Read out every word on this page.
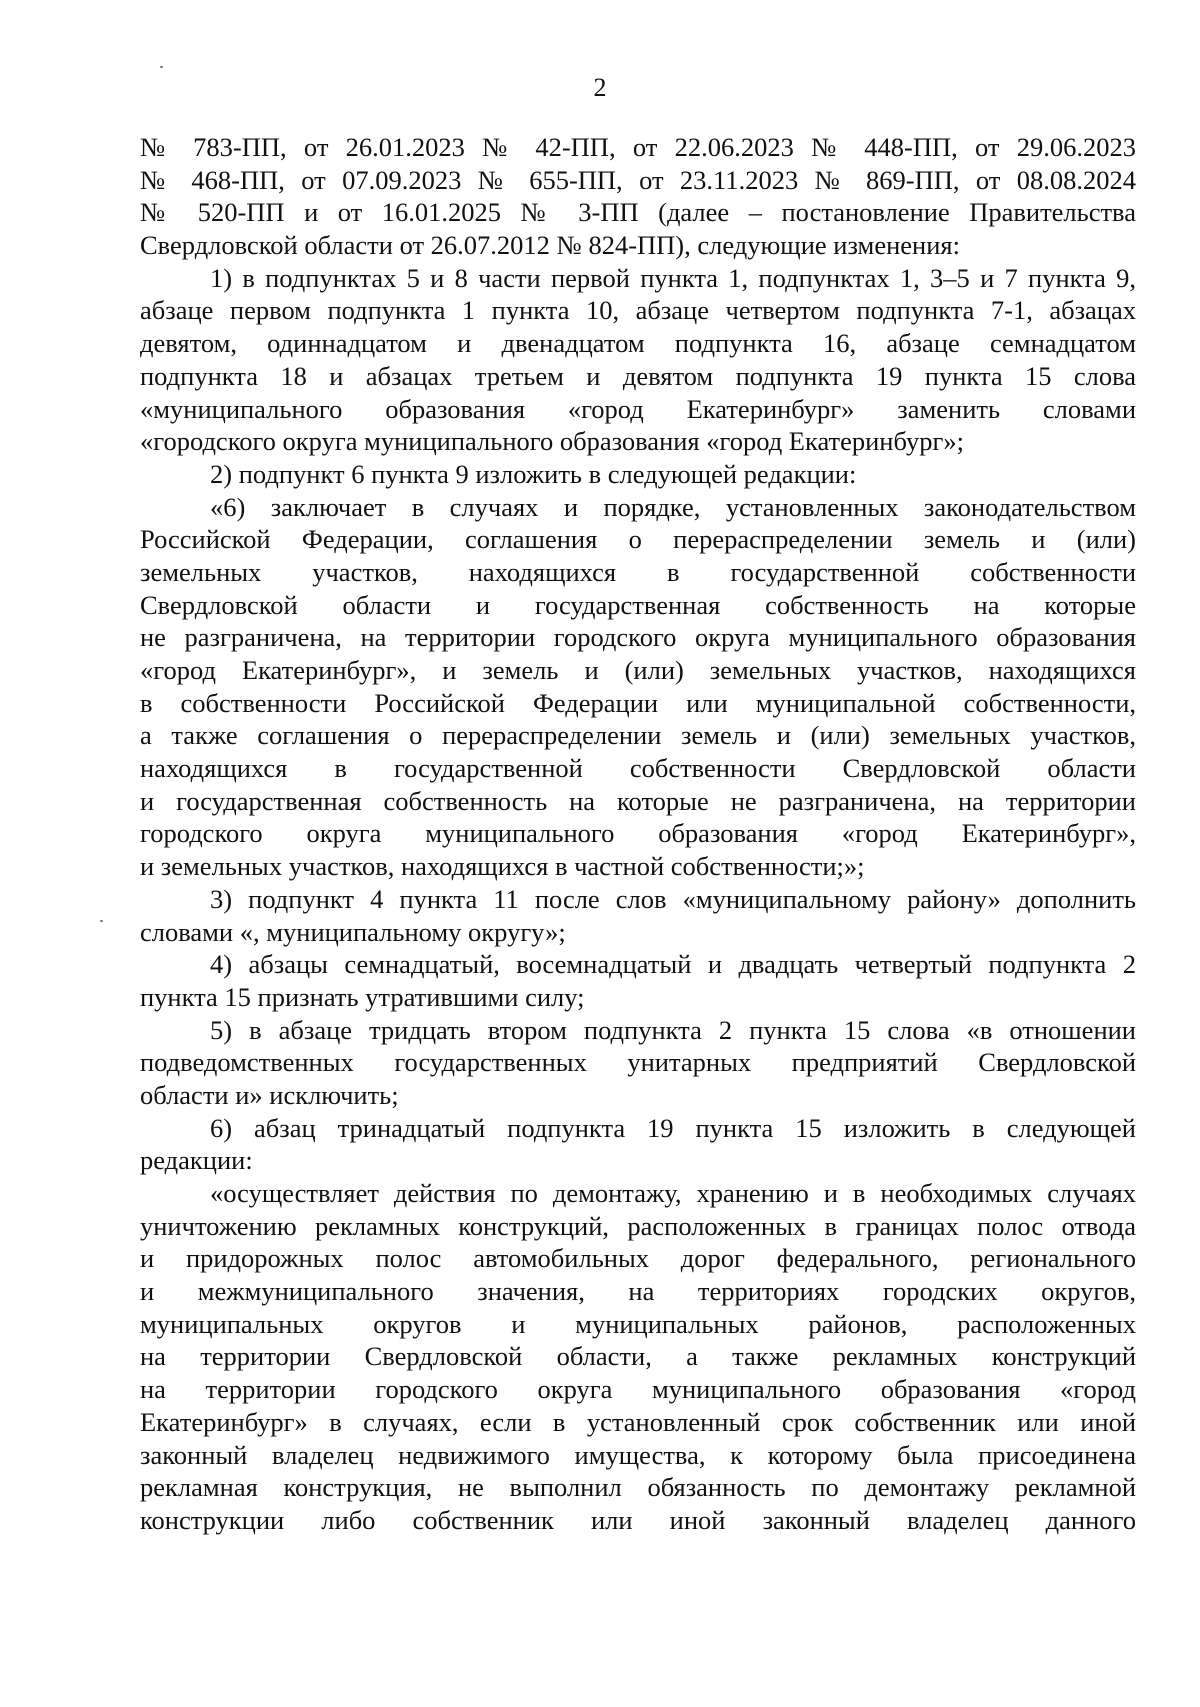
2
№ 783-ПП, от 26.01.2023 № 42-ПП, от 22.06.2023 № 448-ПП, от 29.06.2023
№ 468-ПП, от 07.09.2023 № 655-ПП, от 23.11.2023 № 869-ПП, от 08.08.2024
№ 520-ПП и от 16.01.2025 № 3-ПП (далее – постановление Правительства
Свердловской области от 26.07.2012 № 824-ПП), следующие изменения:
1) в подпунктах 5 и 8 части первой пункта 1, подпунктах 1, 3–5 и 7 пункта 9,
абзаце первом подпункта 1 пункта 10, абзаце четвертом подпункта 7-1, абзацах
девятом, одиннадцатом и двенадцатом подпункта 16, абзаце семнадцатом
подпункта 18 и абзацах третьем и девятом подпункта 19 пункта 15 слова
«муниципального образования «город Екатеринбург» заменить словами
«городского округа муниципального образования «город Екатеринбург»;
2) подпункт 6 пункта 9 изложить в следующей редакции:
«6) заключает в случаях и порядке, установленных законодательством
Российской Федерации, соглашения о перераспределении земель и (или)
земельных участков, находящихся в государственной собственности
Свердловской области и государственная собственность на которые
не разграничена, на территории городского округа муниципального образования
«город Екатеринбург», и земель и (или) земельных участков, находящихся
в собственности Российской Федерации или муниципальной собственности,
а также соглашения о перераспределении земель и (или) земельных участков,
находящихся в государственной собственности Свердловской области
и государственная собственность на которые не разграничена, на территории
городского округа муниципального образования «город Екатеринбург»,
и земельных участков, находящихся в частной собственности;»;
3) подпункт 4 пункта 11 после слов «муниципальному району» дополнить
словами «, муниципальному округу»;
4) абзацы семнадцатый, восемнадцатый и двадцать четвертый подпункта 2
пункта 15 признать утратившими силу;
5) в абзаце тридцать втором подпункта 2 пункта 15 слова «в отношении
подведомственных государственных унитарных предприятий Свердловской
области и» исключить;
6) абзац тринадцатый подпункта 19 пункта 15 изложить в следующей
редакции:
«осуществляет действия по демонтажу, хранению и в необходимых случаях
уничтожению рекламных конструкций, расположенных в границах полос отвода
и придорожных полос автомобильных дорог федерального, регионального
и межмуниципального значения, на территориях городских округов,
муниципальных округов и муниципальных районов, расположенных
на территории Свердловской области, а также рекламных конструкций
на территории городского округа муниципального образования «город
Екатеринбург» в случаях, если в установленный срок собственник или иной
законный владелец недвижимого имущества, к которому была присоединена
рекламная конструкция, не выполнил обязанность по демонтажу рекламной
конструкции либо собственник или иной законный владелец данного
